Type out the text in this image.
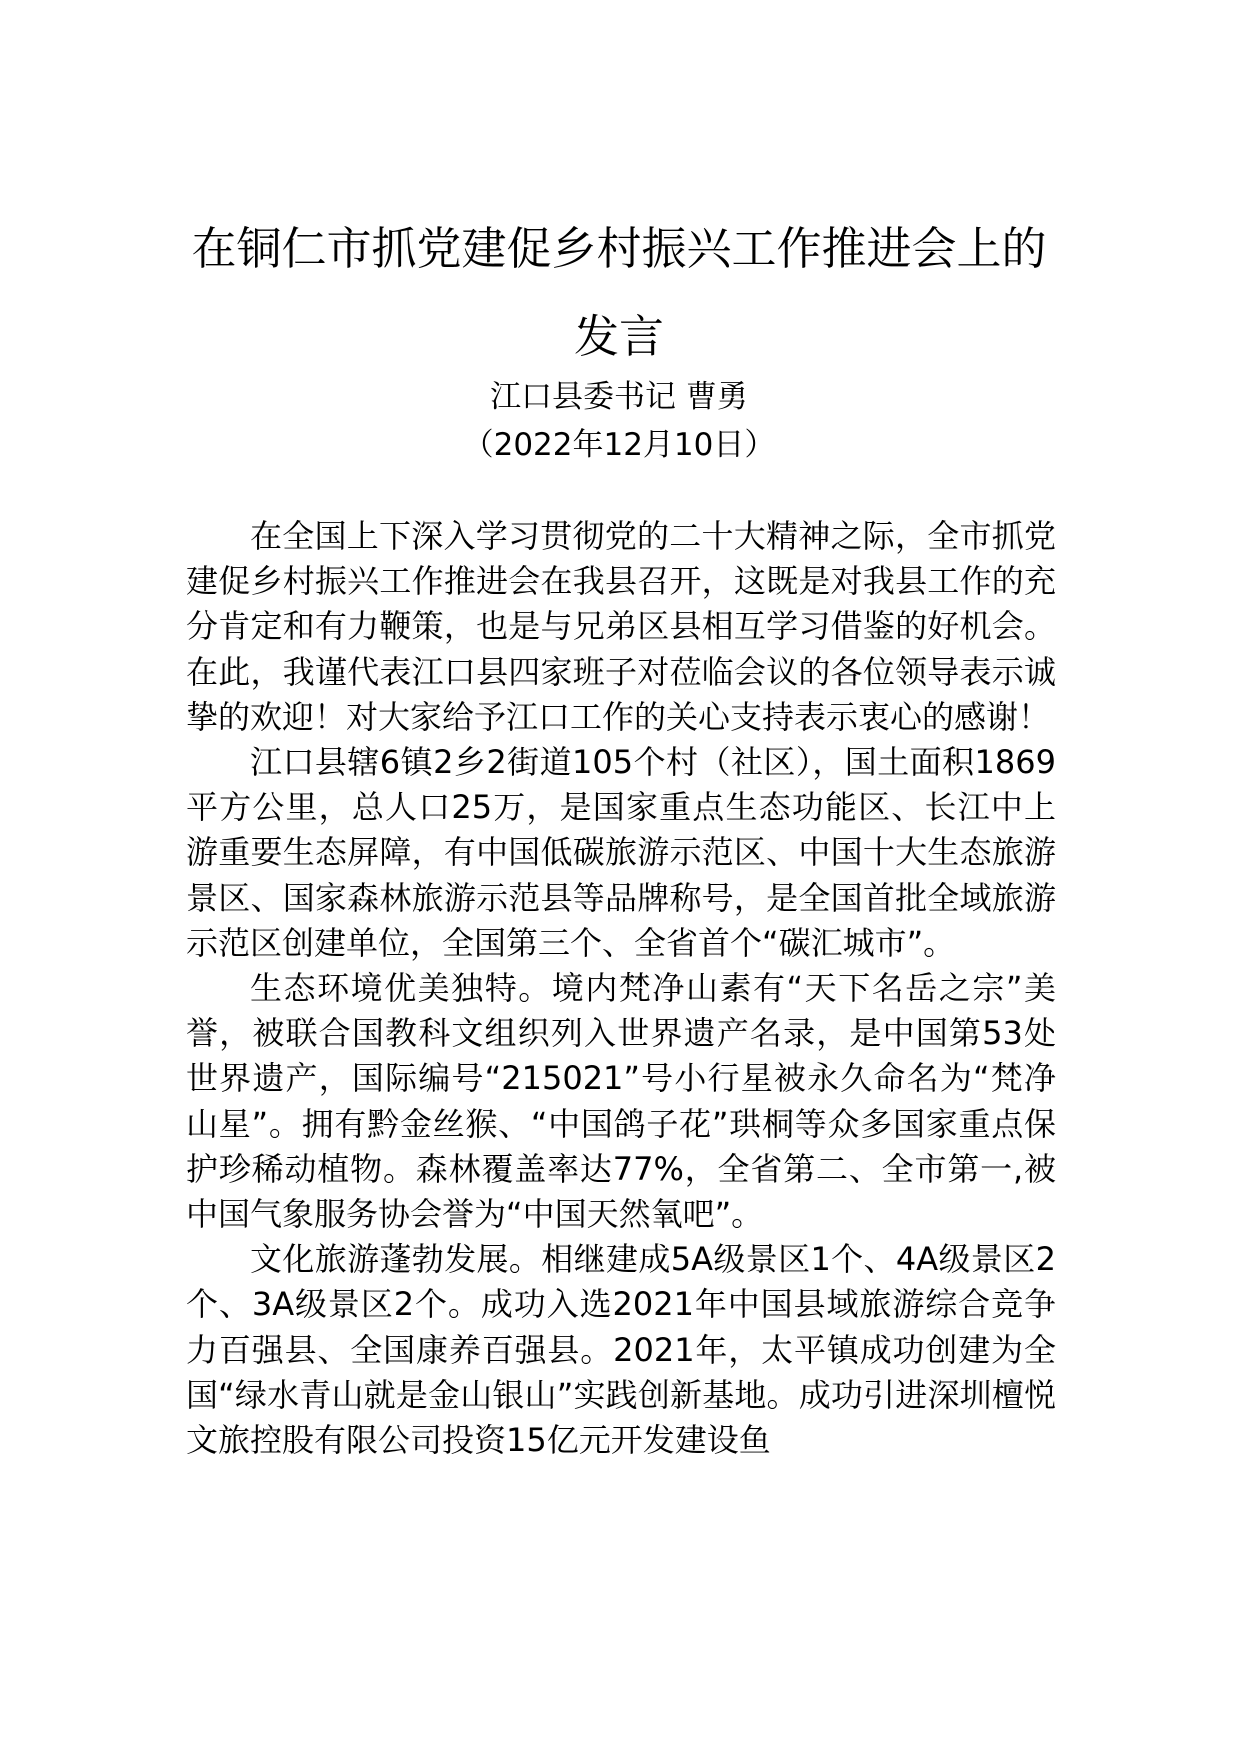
在铜仁市抓党建促乡村振兴工作推进会上的发言
江口县委书记 曹勇
（2022年12月10日）

在全国上下深入学习贯彻党的二十大精神之际，全市抓党建促乡村振兴工作推进会在我县召开，这既是对我县工作的充分肯定和有力鞭策，也是与兄弟区县相互学习借鉴的好机会。在此，我谨代表江口县四家班子对莅临会议的各位领导表示诚挚的欢迎！对大家给予江口工作的关心支持表示衷心的感谢！

江口县辖6镇2乡2街道105个村（社区），国土面积1869平方公里，总人口25万，是国家重点生态功能区、长江中上游重要生态屏障，有中国低碳旅游示范区、中国十大生态旅游景区、国家森林旅游示范县等品牌称号，是全国首批全域旅游示范区创建单位，全国第三个、全省首个“碳汇城市”。

生态环境优美独特。境内梵净山素有“天下名岳之宗”美誉，被联合国教科文组织列入世界遗产名录，是中国第53处世界遗产，国际编号“215021”号小行星被永久命名为“梵净山星”。拥有黔金丝猴、“中国鸽子花”珙桐等众多国家重点保护珍稀动植物。森林覆盖率达77%，全省第二、全市第一,被中国气象服务协会誉为“中国天然氧吧”。

文化旅游蓬勃发展。相继建成5A级景区1个、4A级景区2个、3A级景区2个。成功入选2021年中国县域旅游综合竞争力百强县、全国康养百强县。2021年，太平镇成功创建为全国“绿水青山就是金山银山”实践创新基地。成功引进深圳檀悦文旅控股有限公司投资15亿元开发建设鱼
